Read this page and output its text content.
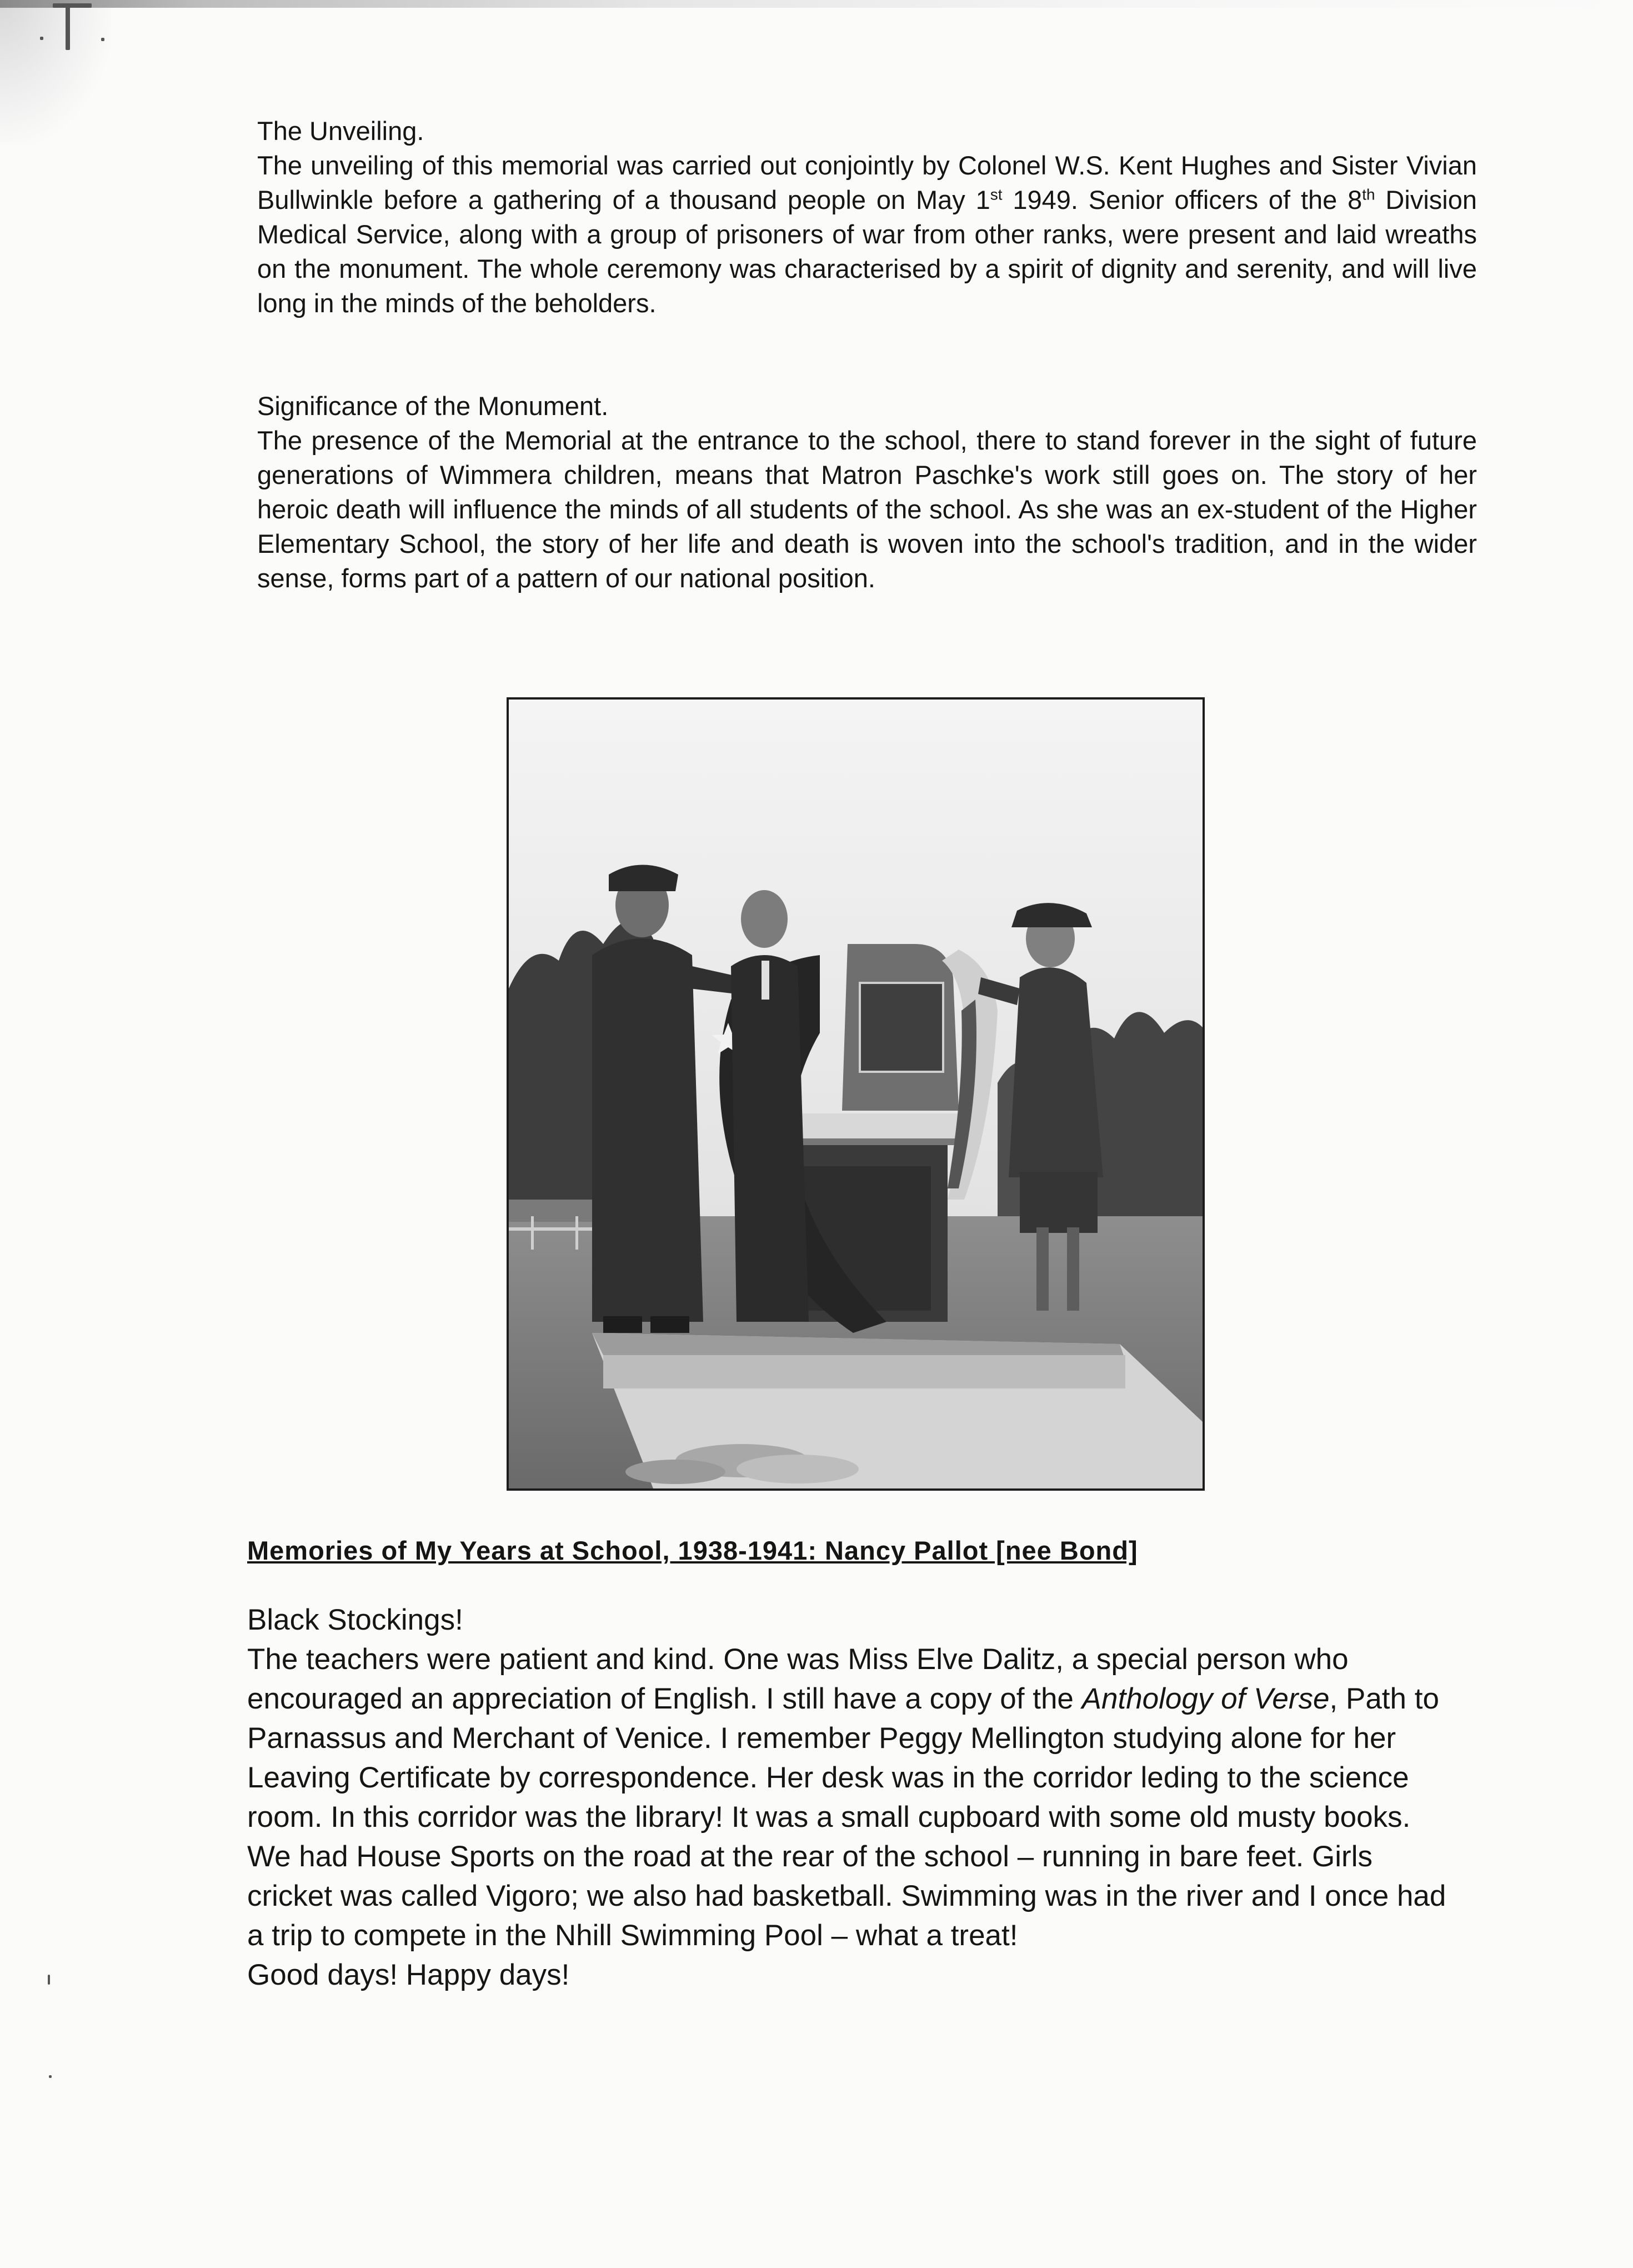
The Unveiling.
The unveiling of this memorial was carried out conjointly by Colonel W.S. Kent Hughes and Sister Vivian Bullwinkle before a gathering of a thousand people on May 1st 1949. Senior officers of the 8th Division Medical Service, along with a group of prisoners of war from other ranks, were present and laid wreaths on the monument. The whole ceremony was characterised by a spirit of dignity and serenity, and will live long in the minds of the beholders.
Significance of the Monument.
The presence of the Memorial at the entrance to the school, there to stand forever in the sight of future generations of Wimmera children, means that Matron Paschke's work still goes on. The story of her heroic death will influence the minds of all students of the school. As she was an ex-student of the Higher Elementary School, the story of her life and death is woven into the school's tradition, and in the wider sense, forms part of a pattern of our national position.
Memories of My Years at School, 1938-1941: Nancy Pallot [nee Bond]
Black Stockings!
The teachers were patient and kind. One was Miss Elve Dalitz, a special person who encouraged an appreciation of English. I still have a copy of the Anthology of Verse, Path to Parnassus and Merchant of Venice. I remember Peggy Mellington studying alone for her Leaving Certificate by correspondence. Her desk was in the corridor leding to the science room. In this corridor was the library! It was a small cupboard with some old musty books. We had House Sports on the road at the rear of the school – running in bare feet. Girls cricket was called Vigoro; we also had basketball. Swimming was in the river and I once had a trip to compete in the Nhill Swimming Pool – what a treat!
Good days! Happy days!
